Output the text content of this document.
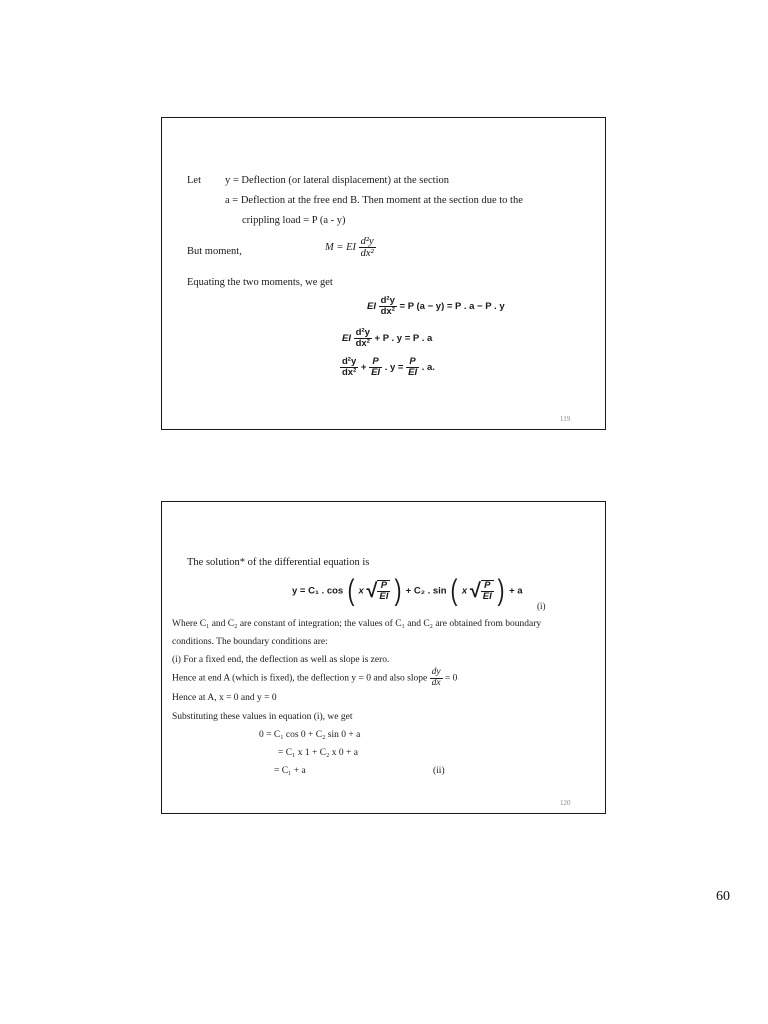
Let y = Deflection (or lateral displacement) at the section
a = Deflection at the free end B. Then moment at the section due to the
crippling load = P (a - y)
But moment,	M = EI $\frac{\text{d²y}}{\text{dx²}}$
Equating the two moments, we get
EI $\frac{\text{d²y}}{\text{dx²}} = P$ (a − y) = P . a − P . y
EI $\frac{\text{d²y}}{\text{dx²}} + P$ . y = P . a
$\frac{\text{d²y}}{\text{dx²}} + \frac{P}{EI}$ . $y = \frac{P}{EI}$ . a.
119
The solution* of the differential equation is
y = C₁ . cos ( x √ $\frac{P}{EI}$ ) + C₂ . sin ( x √ $\frac{P}{EI}$ ) + a
(i)
Where C₁ and C₂ are constant of integration; the values of C₁ and C₂ are obtained from boundary
conditions. The boundary conditions are:
(i) For a fixed end, the deflection as well as slope is zero.
Hence at end A (which is fixed), the deflection y = 0 and also slope $\frac{dy}{dx} = 0$
Hence at A, x = 0 and y = 0
Substituting these values in equation (i), we get
0 = C₁ cos 0 + C₂ sin 0 + a
= C₁ x 1 + C₂ x 0 + a
= C₁ + a	(ii)
120
60
